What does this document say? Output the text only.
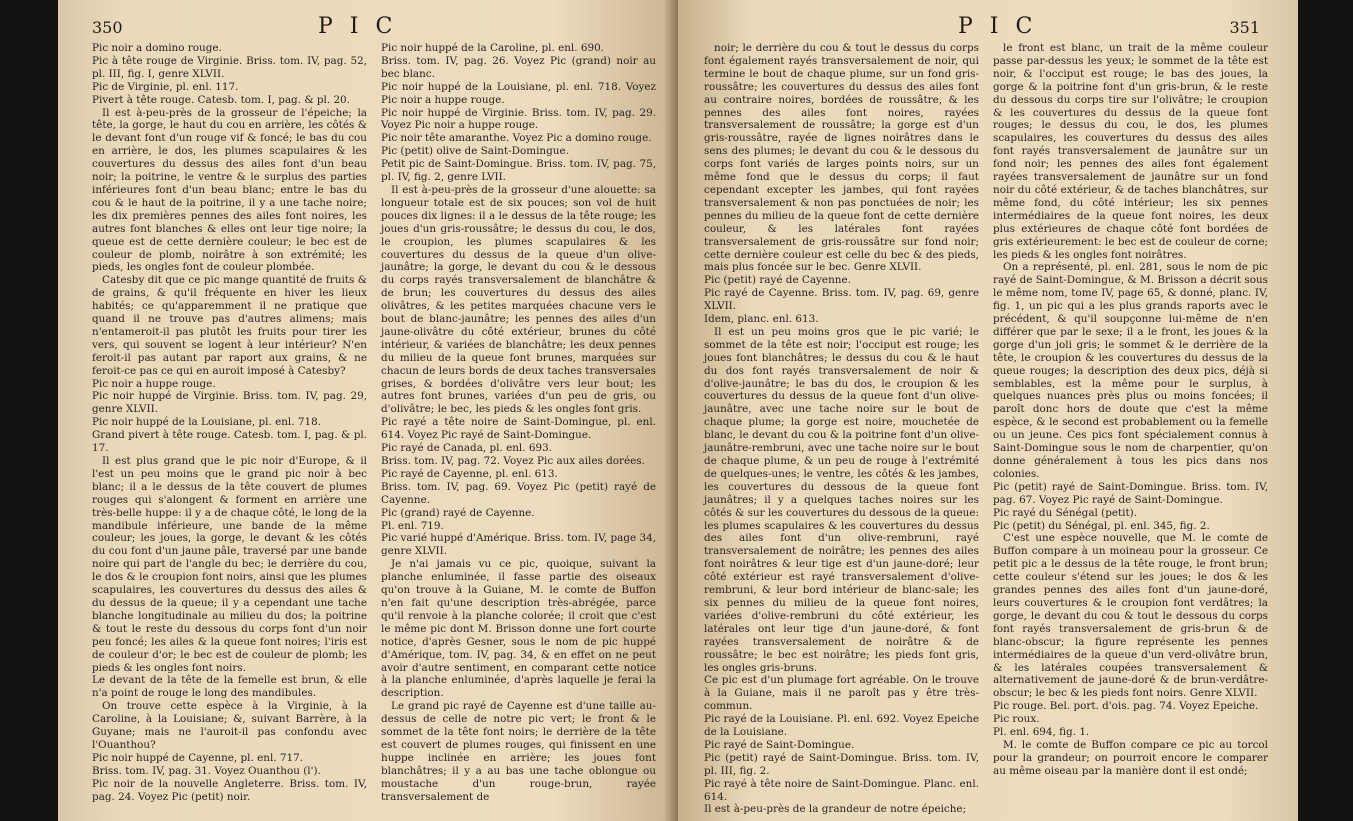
350	P I C

Pic noir a domino rouge.

Pic à tête rouge de Virginie. Briss. tom. IV, pag. 52, pl. III, fig. I, genre XLVII.

Pic de Virginie, pl. enl. 117.

Pivert à tête rouge. Catesb. tom. I, pag. & pl. 20.

Il est à-peu-près de la grosseur de l'épeiche; la tête, la gorge, le haut du cou en arrière, les côtés & le devant font d'un rouge vif & foncé; le bas du cou en arrière, le dos, les plumes scapulaires & les couvertures du dessus des ailes font d'un beau noir; la poitrine, le ventre & le surplus des parties inférieures font d'un beau blanc; entre le bas du cou & le haut de la poitrine, il y a une tache noire; les dix premières pennes des ailes font noires, les autres font blanches & elles ont leur tige noire; la queue est de cette dernière couleur; le bec est de couleur de plomb, noirâtre à son extrémité; les pieds, les ongles font de couleur plombée.

Catesby dit que ce pic mange quantité de fruits & de grains, & qu'il fréquente en hiver les lieux habités; ce qu'apparemment il ne pratique que quand il ne trouve pas d'autres alimens; mais n'entameroit-il pas plutôt les fruits pour tirer les vers, qui souvent se logent à leur intérieur? N'en feroit-il pas autant par raport aux grains, & ne feroit-ce pas ce qui en auroit imposé à Catesby?

Pic noir a huppe rouge.

Pic noir huppé de Virginie. Briss. tom. IV, pag. 29, genre XLVII.

Pic noir huppé de la Louisiane, pl. enl. 718.

Grand pivert à tête rouge. Catesb. tom. I, pag. & pl. 17.

Il est plus grand que le pic noir d'Europe, & il l'est un peu moins que le grand pic noir à bec blanc; il a le dessus de la tête couvert de plumes rouges qui s'alongent & forment en arrière une très-belle huppe: il y a de chaque côté, le long de la mandibule inférieure, une bande de la même couleur; les joues, la gorge, le devant & les côtés du cou font d'un jaune pâle, traversé par une bande noire qui part de l'angle du bec; le derrière du cou, le dos & le croupion font noirs, ainsi que les plumes scapulaires, les couvertures du dessus des ailes & du dessus de la queue; il y a cependant une tache blanche longitudinale au milieu du dos; la poitrine & tout le reste du dessous du corps font d'un noir peu foncé; les ailes & la queue font noires; l'iris est de couleur d'or; le bec est de couleur de plomb; les pieds & les ongles font noirs.

Le devant de la tête de la femelle est brun, & elle n'a point de rouge le long des mandibules.

On trouve cette espèce à la Virginie, à la Caroline, à la Louisiane; &, suivant Barrère, à la Guyane; mais ne l'auroit-il pas confondu avec l'Ouanthou?

Pic noir huppé de Cayenne, pl. enl. 717.

Briss. tom. IV, pag. 31. Voyez Ouanthou (l').

Pic noir de la nouvelle Angleterre. Briss. tom. IV, pag. 24. Voyez Pic (petit) noir.

Pic noir huppé de la Caroline, pl. enl. 690.

Briss. tom. IV, pag. 26. Voyez Pic (grand) noir au bec blanc.

Pic noir huppé de la Louisiane, pl. enl. 718. Voyez Pic noir a huppe rouge.

Pic noir huppé de Virginie. Briss. tom. IV, pag. 29. Voyez Pic noir a huppe rouge.

Pic noir tête amaranthe. Voyez Pic a domino rouge.

Pic (petit) olive de Saint-Domingue.

Petit pic de Saint-Domingue. Briss. tom. IV, pag. 75, pl. IV, fig. 2, genre LVII.

Il est à-peu-près de la grosseur d'une alouette: sa longueur totale est de six pouces; son vol de huit pouces dix lignes: il a le dessus de la tête rouge; les joues d'un gris-roussâtre; le dessus du cou, le dos, le croupion, les plumes scapulaires & les couvertures du dessus de la queue d'un olive-jaunâtre; la gorge, le devant du cou & le dessous du corps rayés transversalement de blanchâtre & de brun; les couvertures du dessus des ailes olivâtres, & les petites marquées chacune vers le bout de blanc-jaunâtre; les pennes des ailes d'un jaune-olivâtre du côté extérieur, brunes du côté intérieur, & variées de blanchâtre; les deux pennes du milieu de la queue font brunes, marquées sur chacun de leurs bords de deux taches transversales grises, & bordées d'olivâtre vers leur bout; les autres font brunes, variées d'un peu de gris, ou d'olivâtre; le bec, les pieds & les ongles font gris.

Pic rayé a tête noire de Saint-Domingue, pl. enl. 614. Voyez Pic rayé de Saint-Domingue.

Pic rayé de Canada, pl. enl. 693.

Briss. tom. IV, pag. 72. Voyez Pic aux ailes dorées.

Pic rayé de Cayenne, pl. enl. 613.

Briss. tom. IV, pag. 69. Voyez Pic (petit) rayé de Cayenne.

Pic (grand) rayé de Cayenne.

Pl. enl. 719.

Pic varié huppé d'Amérique. Briss. tom. IV, page 34, genre XLVII.

Je n'ai jamais vu ce pic, quoique, suivant la planche enluminée, il fasse partie des oiseaux qu'on trouve à la Guiane, M. le comte de Buffon n'en fait qu'une description très-abrégée, parce qu'il renvoie à la planche colorée; il croit que c'est le même pic dont M. Brisson donne une fort courte notice, d'après Gesner, sous le nom de pic huppé d'Amérique, tom. IV, pag. 34, & en effet on ne peut avoir d'autre sentiment, en comparant cette notice à la planche enluminée, d'après laquelle je ferai la description.

Le grand pic rayé de Cayenne est d'une taille au-dessus de celle de notre pic vert; le front & le sommet de la tête font noirs; le derrière de la tête est couvert de plumes rouges, qui finissent en une huppe inclinée en arrière; les joues font blanchâtres; il y a au bas une tache oblongue ou moustache d'un rouge-brun, rayée transversalement de

P I C	351

noir; le derrière du cou & tout le dessus du corps font également rayés transversalement de noir, qui termine le bout de chaque plume, sur un fond gris-roussâtre; les couvertures du dessus des ailes font au contraire noires, bordées de roussâtre, & les pennes des ailes font noires, rayées transversalement de roussâtre; la gorge est d'un gris-roussâtre, rayée de lignes noirâtres dans le sens des plumes; le devant du cou & le dessous du corps font variés de larges points noirs, sur un même fond que le dessus du corps; il faut cependant excepter les jambes, qui font rayées transversalement & non pas ponctuées de noir; les pennes du milieu de la queue font de cette dernière couleur, & les latérales font rayées transversalement de gris-roussâtre sur fond noir; cette dernière couleur est celle du bec & des pieds, mais plus foncée sur le bec. Genre XLVII.

Pic (petit) rayé de Cayenne.

Pic rayé de Cayenne. Briss. tom. IV, pag. 69, genre XLVII.

Idem, planc. enl. 613.

Il est un peu moins gros que le pic varié; le sommet de la tête est noir; l'occiput est rouge; les joues font blanchâtres; le dessus du cou & le haut du dos font rayés transversalement de noir & d'olive-jaunâtre; le bas du dos, le croupion & les couvertures du dessus de la queue font d'un olive-jaunâtre, avec une tache noire sur le bout de chaque plume; la gorge est noire, mouchetée de blanc, le devant du cou & la poitrine font d'un olive-jaunâtre-rembruni, avec une tache noire sur le bout de chaque plume, & un peu de rouge à l'extrémité de quelques-unes; le ventre, les côtés & les jambes, les couvertures du dessous de la queue font jaunâtres; il y a quelques taches noires sur les côtés & sur les couvertures du dessous de la queue: les plumes scapulaires & les couvertures du dessus des ailes font d'un olive-rembruni, rayé transversalement de noirâtre; les pennes des ailes font noirâtres & leur tige est d'un jaune-doré; leur côté extérieur est rayé transversalement d'olive-rembruni, & leur bord intérieur de blanc-sale; les six pennes du milieu de la queue font noires, variées d'olive-rembruni du côté extérieur, les latérales ont leur tige d'un jaune-doré, & font rayées transversalement de noirâtre & de roussâtre; le bec est noirâtre; les pieds font gris, les ongles gris-bruns.

Ce pic est d'un plumage fort agréable. On le trouve à la Guiane, mais il ne paroît pas y être très-commun.

Pic rayé de la Louisiane. Pl. enl. 692. Voyez Epeiche de la Louisiane.

Pic rayé de Saint-Domingue.

Pic (petit) rayé de Saint-Domingue. Briss. tom. IV, pl. III, fig. 2.

Pic rayé à tête noire de Saint-Domingue. Planc. enl. 614.

Il est à-peu-près de la grandeur de notre épeiche;

le front est blanc, un trait de la même couleur passe par-dessus les yeux; le sommet de la tête est noir, & l'occiput est rouge; le bas des joues, la gorge & la poitrine font d'un gris-brun, & le reste du dessous du corps tire sur l'olivâtre; le croupion & les couvertures du dessus de la queue font rouges; le dessus du cou, le dos, les plumes scapulaires, les couvertures du dessus des ailes font rayés transversalement de jaunâtre sur un fond noir; les pennes des ailes font également rayées transversalement de jaunâtre sur un fond noir du côté extérieur, & de taches blanchâtres, sur même fond, du côté intérieur; les six pennes intermédiaires de la queue font noires, les deux plus extérieures de chaque côté font bordées de gris extérieurement: le bec est de couleur de corne; les pieds & les ongles font noirâtres.

On a représenté, pl. enl. 281, sous le nom de pic rayé de Saint-Domingue, & M. Brisson a décrit sous le même nom, tome IV, page 65, & donné, planc. IV, fig. 1, un pic qui a les plus grands raports avec le précédent, & qu'il soupçonne lui-même de n'en différer que par le sexe; il a le front, les joues & la gorge d'un joli gris; le sommet & le derrière de la tête, le croupion & les couvertures du dessus de la queue rouges; la description des deux pics, déjà si semblables, est la même pour le surplus, à quelques nuances près plus ou moins foncées; il paroît donc hors de doute que c'est la même espèce, & le second est probablement ou la femelle ou un jeune. Ces pics font spécialement connus à Saint-Domingue sous le nom de charpentier, qu'on donne généralement à tous les pics dans nos colonies.

Pic (petit) rayé de Saint-Domingue. Briss. tom. IV, pag. 67. Voyez Pic rayé de Saint-Domingue.

Pic rayé du Sénégal (petit).

Pic (petit) du Sénégal, pl. enl. 345, fig. 2.

C'est une espèce nouvelle, que M. le comte de Buffon compare à un moineau pour la grosseur. Ce petit pic a le dessus de la tête rouge, le front brun; cette couleur s'étend sur les joues; le dos & les grandes pennes des ailes font d'un jaune-doré, leurs couvertures & le croupion font verdâtres; la gorge, le devant du cou & tout le dessous du corps font rayés transversalement de gris-brun & de blanc-obscur; la figure représente les pennes intermédiaires de la queue d'un verd-olivâtre brun, & les latérales coupées transversalement & alternativement de jaune-doré & de brun-verdâtre-obscur; le bec & les pieds font noirs. Genre XLVII.

Pic rouge. Bel. port. d'ois. pag. 74. Voyez Epeiche.

Pic roux.

Pl. enl. 694, fig. 1.

M. le comte de Buffon compare ce pic au torcol pour la grandeur; on pourroit encore le comparer au même oiseau par la manière dont il est ondé;
